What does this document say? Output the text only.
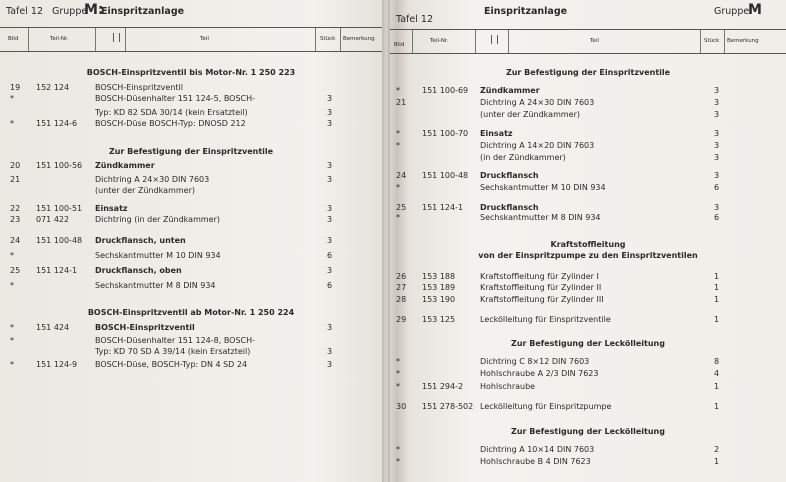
Tafel 12 Gruppe
M:
Einspritzanlage
Bild	Teil-Nr.	| |	Teil	Stück Bemerkung
BOSCH-Einspritzventil bis Motor-Nr. 1 250 223
Zur Befestigung der Einspritzventile
BOSCH-Einspritzventil ab Motor-Nr. 1 250 224
19 152 124	BOSCH-Einspritzventil
*	BOSCH-Düsenhalter 151 124-5, BOSCH-	3
Typ: KD 82 SDA 30/14 (kein Ersatzteil)	3
*	151 124-6 BOSCH-Düse BOSCH-Typ: DNOSD 212	3
20 151 100-56 Zündkammer	3
21	Dichtring A 24×30 DIN 7603	3
(unter der Zündkammer)
22 151 100-51 Einsatz	3
23 071 422	Dichtring (in der Zündkammer)	3
24 151 100-48 Druckflansch, unten	3
*	Sechskantmutter M 10 DIN 934	6
25 151 124-1 Druckflansch, oben	3
*	Sechskantmutter M 8 DIN 934	6
*	151 424	BOSCH-Einspritzventil	3
*	BOSCH-Düsenhalter 151 124-8, BOSCH-
Typ: KD 70 SD A 39/14 (kein Ersatzteil)	3
*	151 124-9 BOSCH-Düse, BOSCH-Typ: DN 4 SD 24	3
Tafel 12
Einspritzanlage	Gruppe
M
Bild
Teil-Nr.	| |	Teil	Stück Bemerkung
Zur Befestigung der Einspritzventile
Kraftstoffleitung
von der Einspritzpumpe zu den Einspritzventilen
Zur Befestigung der Leckölleitung
Zur Befestigung der Leckölleitung
*	151 100-69 Zündkammer	3
21	Dichtring A 24×30 DIN 7603	3
(unter der Zündkammer)	3
*	151 100-70 Einsatz	3
*	Dichtring A 14×20 DIN 7603	3
(in der Zündkammer)	3
24 151 100-48 Druckflansch	3
*	Sechskantmutter M 10 DIN 934	6
25 151 124-1 Druckflansch	3
*	Sechskantmutter M 8 DIN 934	6
26 153 188	Kraftstoffleitung für Zylinder I	1
27 153 189	Kraftstoffleitung für Zylinder II	1
28 153 190	Kraftstoffleitung für Zylinder III	1
29 153 125	Leckölleitung für Einspritzventile	1
*	Dichtring C 8×12 DIN 7603	8
*	Hohlschraube A 2/3 DIN 7623	4
*	151 294-2 Hohlschraube	1
30 151 278-502 Leckölleitung für Einspritzpumpe	1
*	Dichtring A 10×14 DIN 7603	2
*	Hohlschraube B 4 DIN 7623	1
